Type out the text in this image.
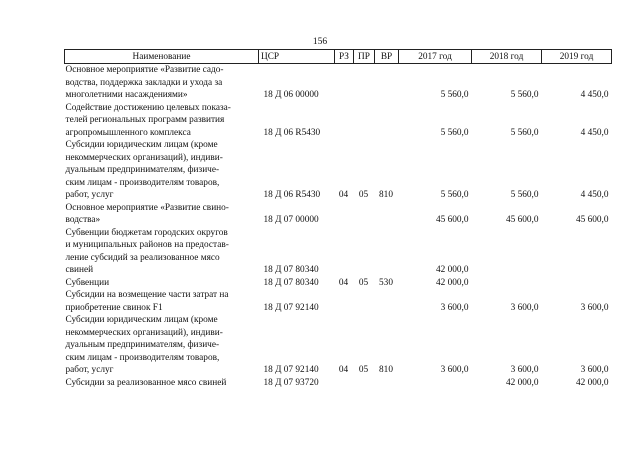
156
Наименование	ЦСР	РЗ	ПР	ВР	2017 год	2018 год	2019 год

Основное мероприятие «Развитие садо-
водства, поддержка закладки и ухода за
многолетними насаждениями»	18 Д 06 00000				5 560,0	5 560,0	4 450,0

Содействие достижению целевых показа-
телей региональных программ развития
агропромышленного комплекса	18 Д 06 R5430				5 560,0	5 560,0	4 450,0

Субсидии юридическим лицам (кроме
некоммерческих организаций), индиви-
дуальным предпринимателям, физиче-
ским лицам - производителям товаров,
работ, услуг	18 Д 06 R5430	04	05	810	5 560,0	5 560,0	4 450,0

Основное мероприятие «Развитие свино-
водства»	18 Д 07 00000				45 600,0	45 600,0	45 600,0

Субвенции бюджетам городских округов
и муниципальных районов на предостав-
ление субсидий за реализованное мясо
свиней	18 Д 07 80340				42 000,0		

Субвенции	18 Д 07 80340	04	05	530	42 000,0		

Субсидии на возмещение части затрат на
приобретение свинок F1	18 Д 07 92140				3 600,0	3 600,0	3 600,0

Субсидии юридическим лицам (кроме
некоммерческих организаций), индиви-
дуальным предпринимателям, физиче-
ским лицам - производителям товаров,
работ, услуг	18 Д 07 92140	04	05	810	3 600,0	3 600,0	3 600,0

Субсидии за реализованное мясо свиней	18 Д 07 93720					42 000,0	42 000,0
